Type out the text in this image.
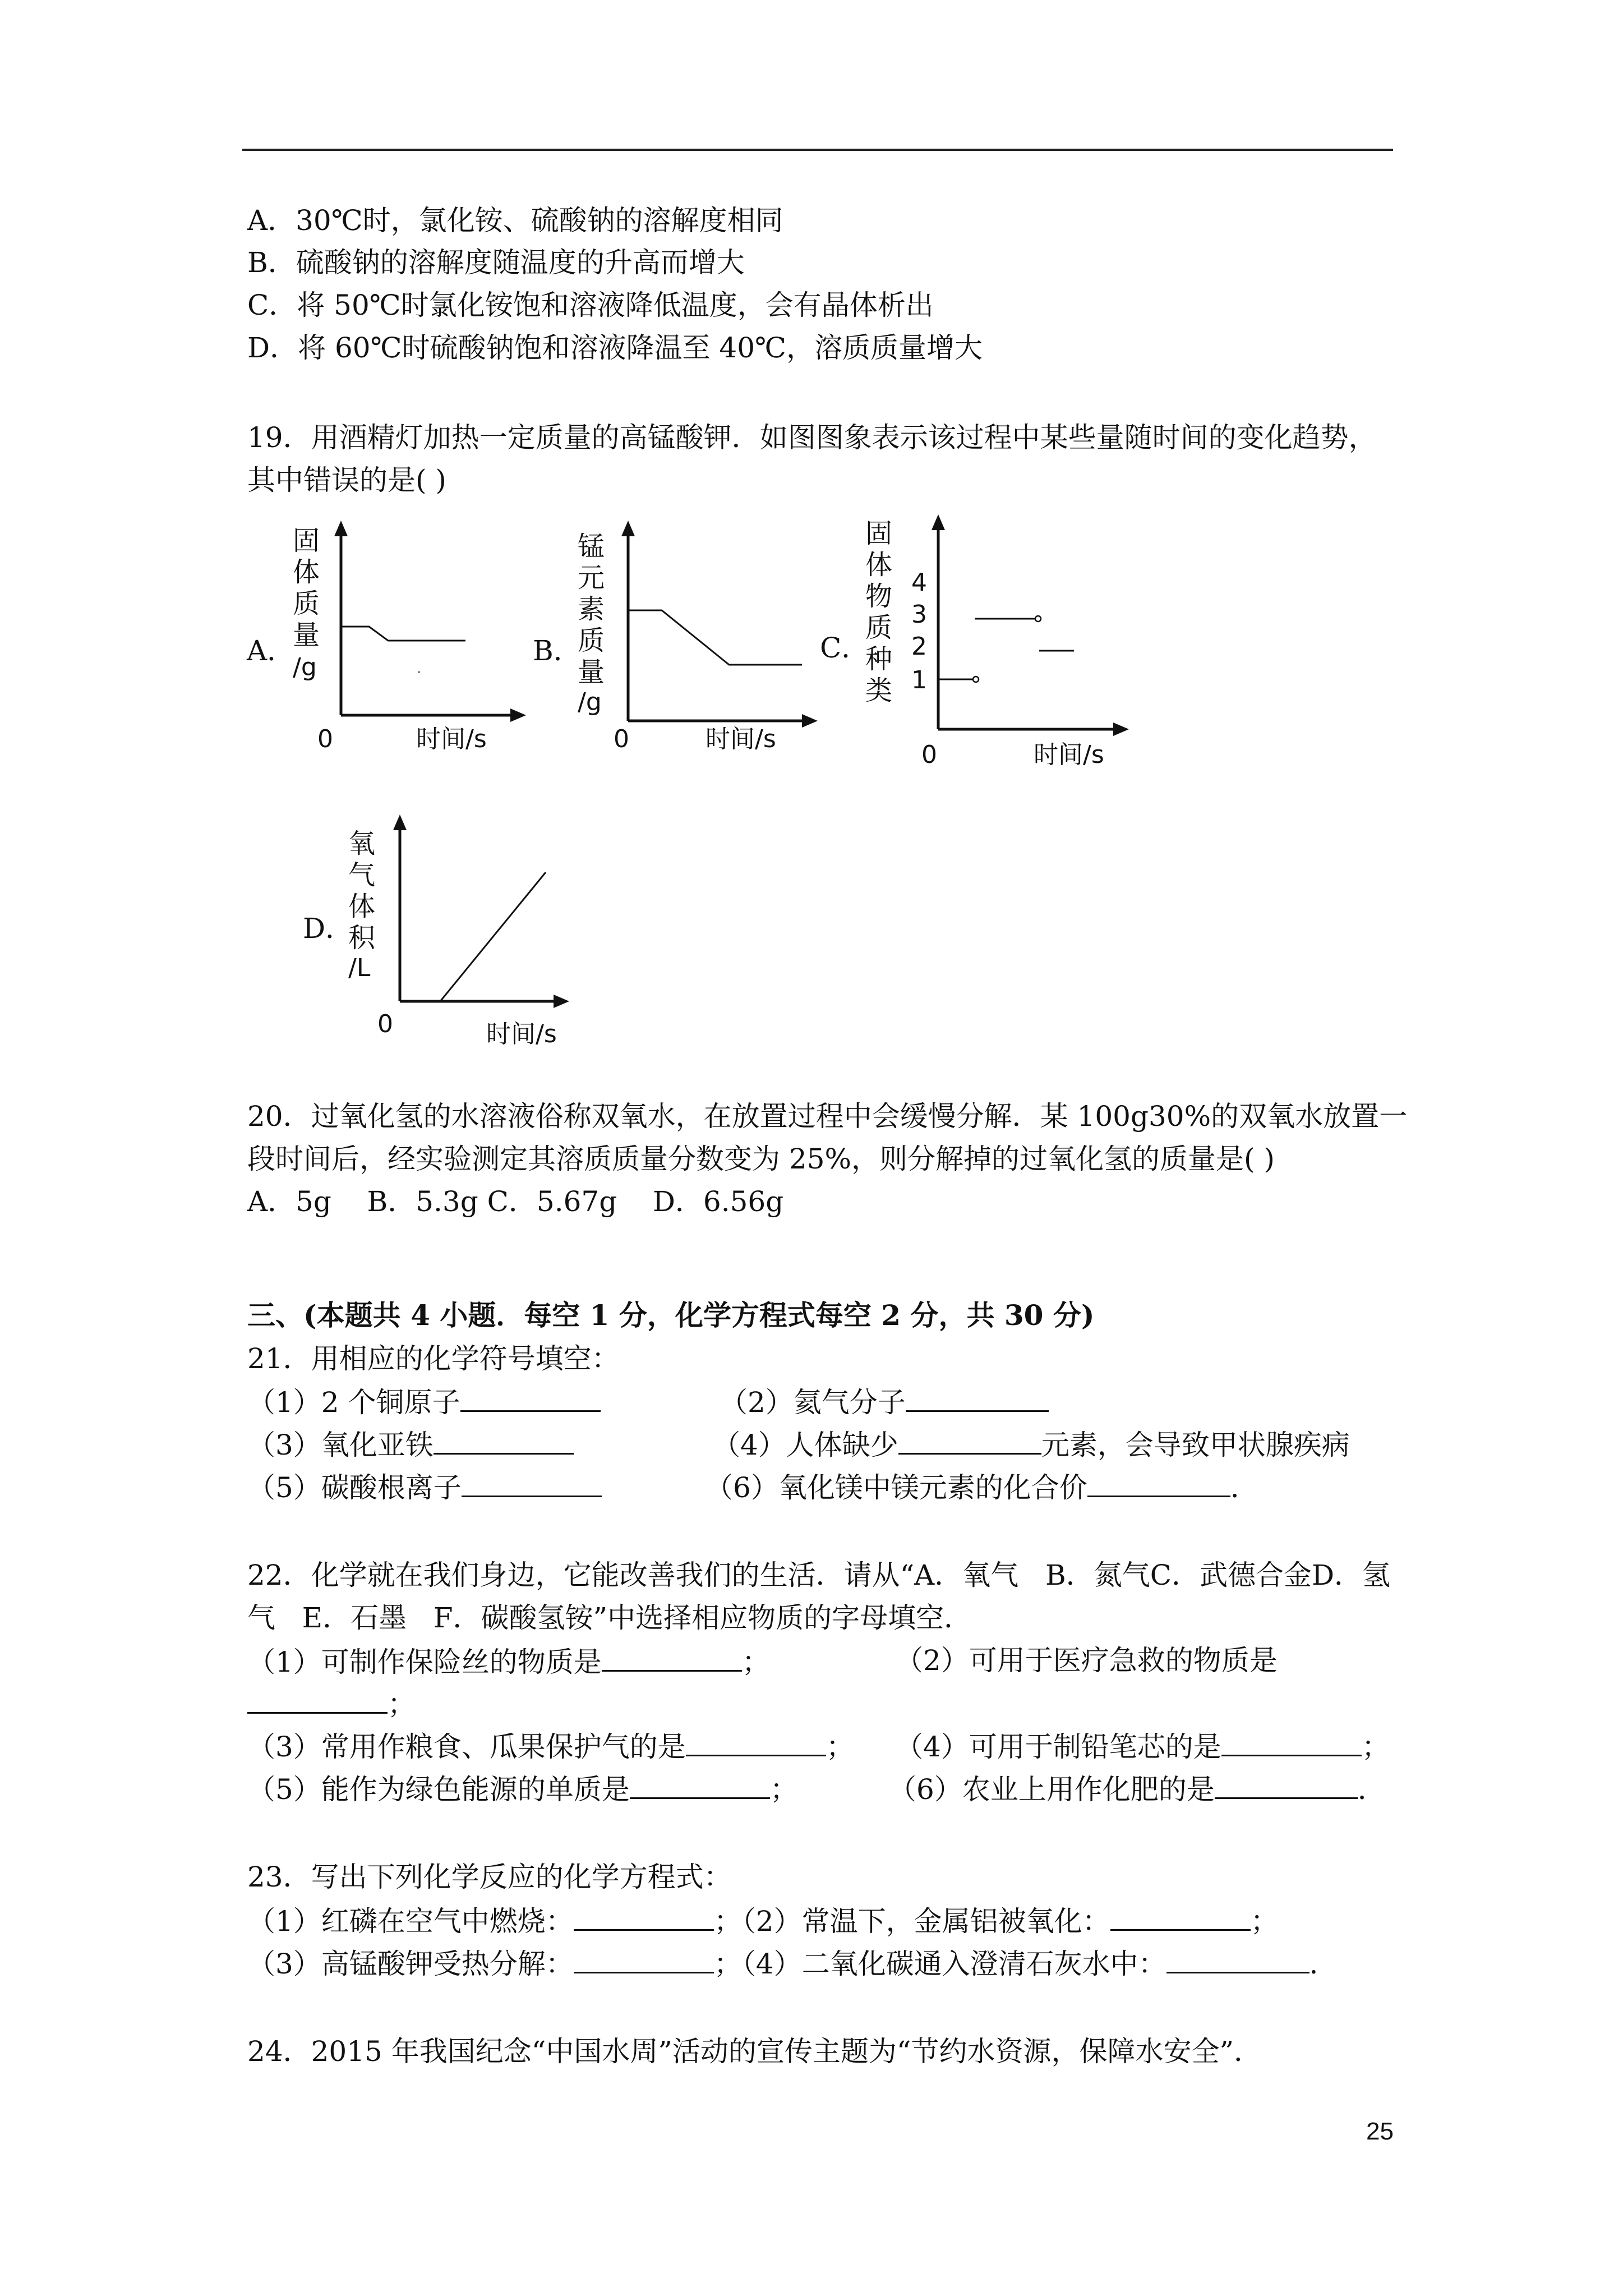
A．30℃时，氯化铵、硫酸钠的溶解度相同
B．硫酸钠的溶解度随温度的升高而增大
C．将 50℃时氯化铵饱和溶液降低温度，会有晶体析出
D．将 60℃时硫酸钠饱和溶液降温至 40℃，溶质质量增大
19．用酒精灯加热一定质量的高锰酸钾．如图图象表示该过程中某些量随时间的变化趋势，
其中错误的是( )
A．
固
体
质
量
/g
0	时间/s
B．
锰
元
素
质
量
/g
0	时间/s
C．
固
体
物
质
种
类
4
3
2
1
0	时间/s
D．
氧
气
体
积
/L
0	时间/s
20．过氧化氢的水溶液俗称双氧水，在放置过程中会缓慢分解．某 100g30%的双氧水放置一
段时间后，经实验测定其溶质质量分数变为 25%，则分解掉的过氧化氢的质量是( )
A．5g    B．5.3g C．5.67g    D．6.56g
三、(本题共 4 小题．每空 1 分，化学方程式每空 2 分，共 30 分)
21．用相应的化学符号填空：
（1）2 个铜原子	（2）氦气分子
（3）氧化亚铁	（4）人体缺少	元素，会导致甲状腺疾病
（5）碳酸根离子	（6）氧化镁中镁元素的化合价	．
22．化学就在我们身边，它能改善我们的生活．请从“A．氧气   B．氮气C．武德合金D．氢
气   E．石墨   F．碳酸氢铵”中选择相应物质的字母填空．
（1）可制作保险丝的物质是	；	（2）可用于医疗急救的物质是
；
（3）常用作粮食、瓜果保护气的是	； （4）可用于制铅笔芯的是	；
（5）能作为绿色能源的单质是	；	（6）农业上用作化肥的是	．
23．写出下列化学反应的化学方程式：
（1）红磷在空气中燃烧：	；（2）常温下，金属铝被氧化：	；
（3）高锰酸钾受热分解：	；（4）二氧化碳通入澄清石灰水中：	．
24．2015 年我国纪念“中国水周”活动的宣传主题为“节约水资源，保障水安全”．
25
